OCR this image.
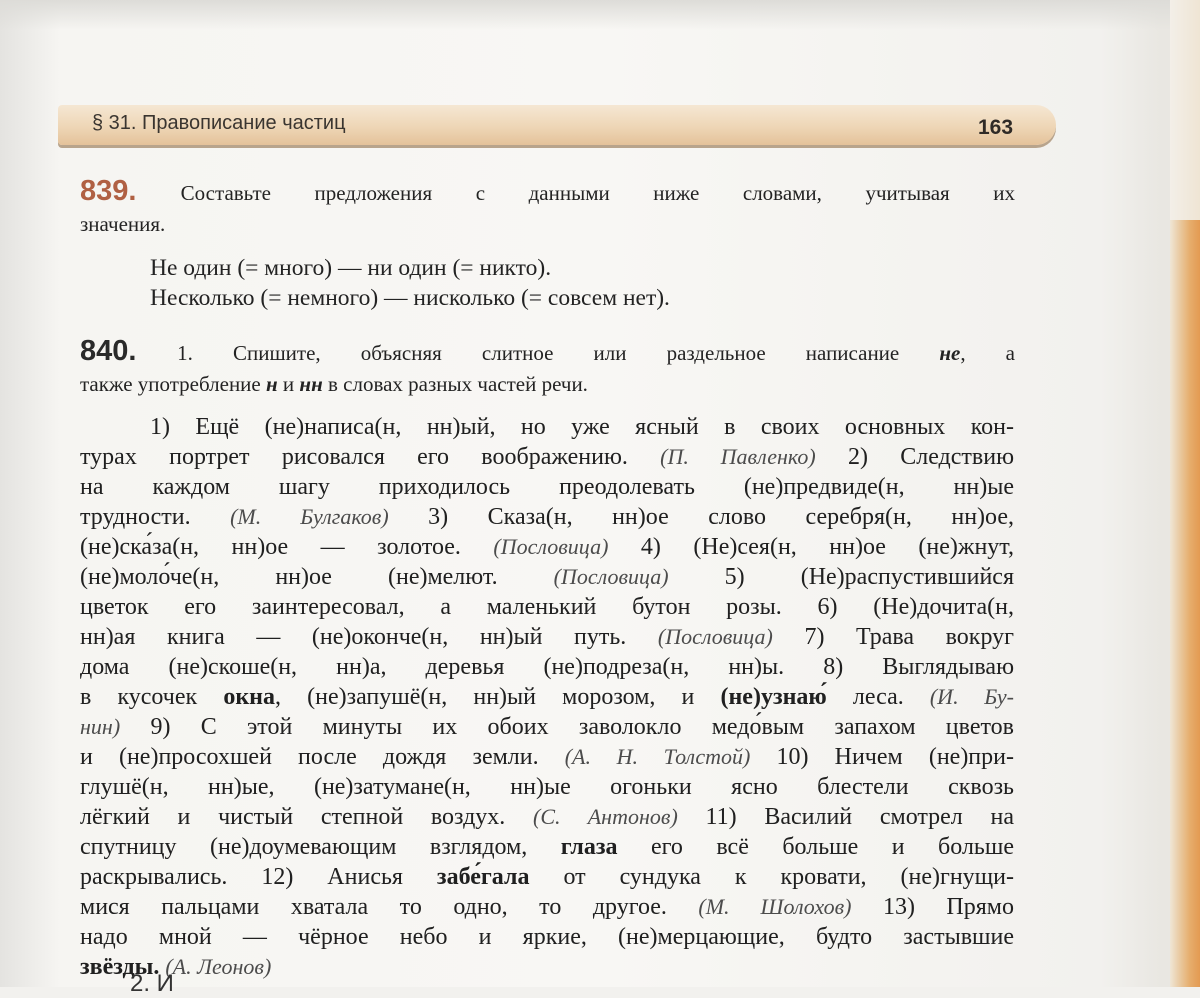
§ 31. Правописание частиц	163
839. Составьте предложения с данными ниже словами, учитывая их
значения.
Не один (= много) — ни один (= никто).
Несколько (= немного) — нисколько (= совсем нет).
840. 1. Спишите, объясняя слитное или раздельное написание не, а
также употребление н и нн в словах разных частей речи.
1) Ещё (не)написа(н, нн)ый, но уже ясный в своих основных кон-
турах портрет рисовался его воображению. (П. Павленко) 2) Следствию
на каждом шагу приходилось преодолевать (не)предвиде(н, нн)ые
трудности. (М. Булгаков) 3) Сказа(н, нн)ое слово серебря(н, нн)ое,
(не)ска́за(н, нн)ое — золотое. (Пословица) 4) (Не)сея(н, нн)ое (не)жнут,
(не)моло́че(н, нн)ое (не)мелют. (Пословица) 5) (Не)распустившийся
цветок его заинтересовал, а маленький бутон розы. 6) (Не)дочита(н,
нн)ая книга — (не)оконче(н, нн)ый путь. (Пословица) 7) Трава вокруг
дома (не)скоше(н, нн)а, деревья (не)подреза(н, нн)ы. 8) Выглядываю
в кусочек окна, (не)запушё(н, нн)ый морозом, и (не)узнаю́ леса. (И. Бу-
нин) 9) С этой минуты их обоих заволокло медо́вым запахом цветов
и (не)просохшей после дождя земли. (А. Н. Толстой) 10) Ничем (не)при-
глушё(н, нн)ые, (не)затумане(н, нн)ые огоньки ясно блестели сквозь
лёгкий и чистый степной воздух. (С. Антонов) 11) Василий смотрел на
спутницу (не)доумевающим взглядом, глаза его всё больше и больше
раскрывались. 12) Анисья забе́гала от сундука к кровати, (не)гнущи-
мися пальцами хватала то одно, то другое. (М. Шолохов) 13) Прямо
надо мной — чёрное небо и яркие, (не)мерцающие, будто застывшие
звёзды. (А. Леонов)
2. И
